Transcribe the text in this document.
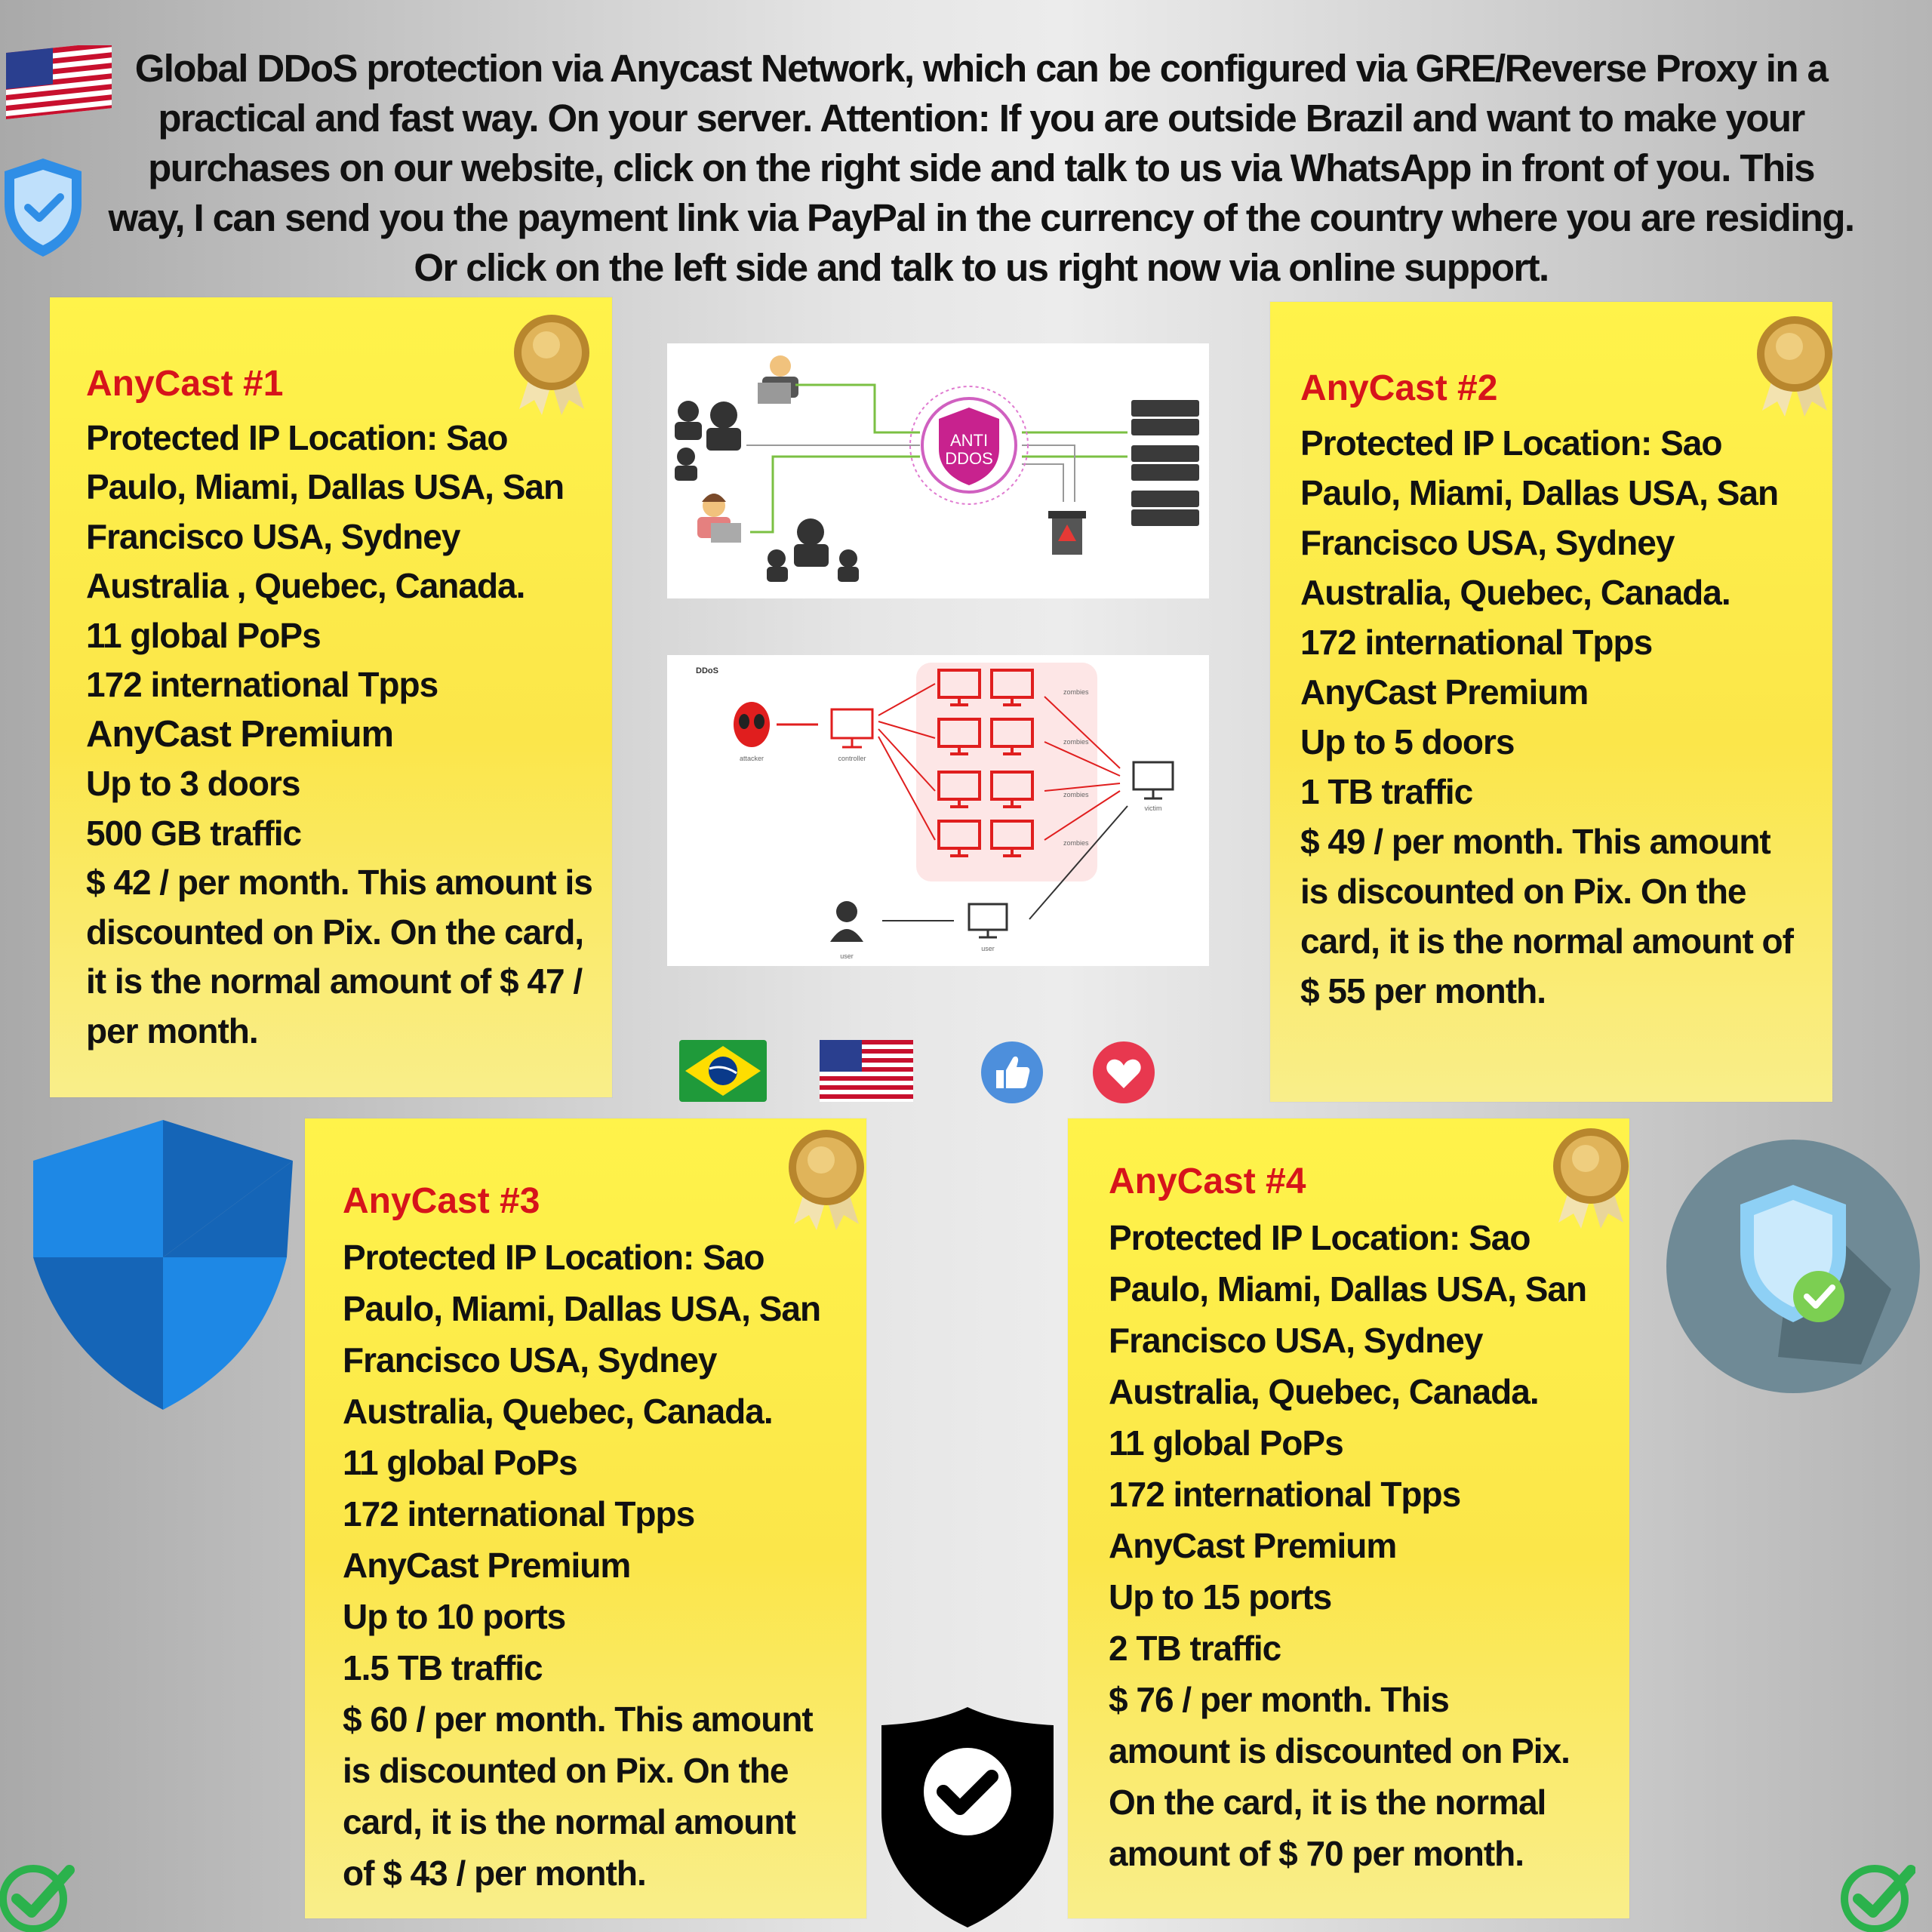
Global DDoS protection via Anycast Network, which can be configured via GRE/Reverse Proxy in a practical and fast way. On your server. Attention: If you are outside Brazil and want to make your purchases on our website, click on the right side and talk to us via WhatsApp in front of you. This way, I can send you the payment link via PayPal in the currency of the country where you are residing. Or click on the left side and talk to us right now via online support.
AnyCast #1
Protected IP Location: Sao
Paulo, Miami, Dallas USA, San
Francisco USA, Sydney
Australia , Quebec, Canada.
11 global PoPs
172 international Tpps
AnyCast Premium
Up to 3 doors
500 GB traffic
$ 42 / per month. This amount is
discounted on Pix. On the card,
it is the normal amount of $ 47 /
per month.
AnyCast #2
Protected IP Location: Sao
Paulo, Miami, Dallas USA, San
Francisco USA, Sydney
Australia, Quebec, Canada.
172 international Tpps
AnyCast Premium
Up to 5 doors
1 TB traffic
$ 49 / per month. This amount
is discounted on Pix. On the
card, it is the normal amount of
$ 55 per month.
ANTI
DDOS
DDoS
attacker	controller
zombies
zombies
zombies
zombies
victim
user
user
AnyCast #3
Protected IP Location: Sao
Paulo, Miami, Dallas USA, San
Francisco USA, Sydney
Australia, Quebec, Canada.
11 global PoPs
172 international Tpps
AnyCast Premium
Up to 10 ports
1.5 TB traffic
$ 60 / per month. This amount
is discounted on Pix. On the
card, it is the normal amount
of $ 43 / per month.
AnyCast #4
Protected IP Location: Sao
Paulo, Miami, Dallas USA, San
Francisco USA, Sydney
Australia, Quebec, Canada.
11 global PoPs
172 international Tpps
AnyCast Premium
Up to 15 ports
2 TB traffic
$ 76 / per month. This
amount is discounted on Pix.
On the card, it is the normal
amount of $ 70 per month.
